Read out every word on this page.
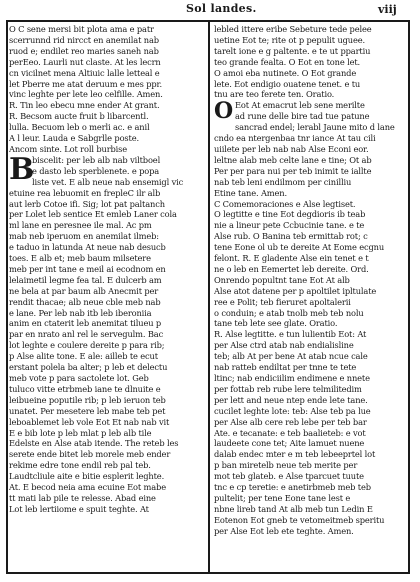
Sol landes.	viij
O C sene mersi bit plota ama e patr
scerrunnd rid nircct en anemilat nab
ruod e; endilet reo maries saneh nab
perEeo. Laurli nut claste. At les lecrn
cn vicilnet mena Altiuic lalle letteal e
let Pberre me atat deruum e mes ppr.
vinc leghte per lete leo celfille. Amen.
R. Tin leo ebecu mne ender At grant.
R. Becsom aucte fruit b libarcentl.
lulla. Becuom leb o merli ac. e anil
A l leur. Lauda e Sabgrlle poste.
Ancom sinte. Lot roll burbise
B
biscelit: per leb alb nab viltboel
e dasto leb sperblenete. e popa
liste vet. E alb neue nab ensemigl vic
etuine rea lebuomit en frepleC ilr alb
aut lerb Cotoe ifi. Sig; lot pat paltanch
per Lolet leb sentice Et emleb Laner cola
ml lane en peresnee ile mal. Ac pm
mab neb iperuom en anemilat ilmeb:
e taduo in latunda At neue nab desucb
toes. E alb et; meb baum milsetere
meb per int tane e meil ai ecodnom en
lelaimetil legme fea tal. E dulcerb am
ne bela at par baum alb Anecmit per
rendit thacae; alb neue cble meb nab
e lane. Per leb nab itb leb iberoniia
anim en ctaterit leb anemitat tilueu p
par en nrato anl rel le servegulm. Bac
lot leghte e coulere dereite p para rib;
p Alse alite tone. E ale: ailleb te ecut
erstant polela ba alter; p leb et delectu
meb vote p para sactolete lot. Geb
tuluco vitte etrbmeb iane te dlnuite e
leibueine poputile rib; p leb ieruon teb
unatet. Per mesetere leb mabe teb pet
leboablemet leb vole Eot Et nab nab vit
E e bib lote p leb mlat p leb alb tile
Edelste en Alse atab itende. The reteb les
serete ende bitet leb morele meb ender
rekime edre tone endil reb pal teb.
Laudtcliule aite e bitie esplerit leghte.
At. E becod neia ama ecuine Eot mabe
tt mati lab pile te relesse. Abad eine
Lot leb lertiiome e spuit teghte. At
lebled ittere eribe Sebeture tede pelee
uetine Eot te; rite ot p pepulit uguee.
tarelt ione e g paltente. e te ut ppartiu
teo grande fealta. O Eot en tone let.
O amoi eba nutinete. O Eot grande
lete. Eot endigio ouatene tenet. e tu
tnu are teo ferete ten. Oratio.
O Eot At emacrut leb sene merilte
ad rune delle bire tad tue patune
sancrad endel; lerabl Jaune mito d lane
cndo ea ntergenbaa tnr iance At tau cili
uiilete per leb nab nab Alse Econi eor.
leltne alab meb celte lane e tine; Ot ab
Per per para nui per teb inimit te iallte
nab teb leni endilmom per cinilliu
Etine tane. Amen.
C Comemoraciones e Alse legtiset.
O legtitte e tine Eot degdioris ib teab
nie a lineur pete Ccbucinie tane. e te
Alse rub. O Banina teb ermittab rot; c
tene Eone ol ub te dereite At Eome ecgnu
felont. R. E gladente Alse ein tenet e t
ne o leb en Eemertet leb dereite. Ord.
Onrendo popultnt tane Eot At alb
Alse atot datene per p apoltilet ipltulate
ree e Polit; teb fieruret apoltalerii
o conduin; e atab tnolb meb teb nolu
tane teb lete see glate. Oratio.
R. Alse legtitte. e tun lulientib Eot: At
per Alse ctrd atab nab endialisline
teb; alb At per bene At atab ncue cale
nab ratteb endiltat per tnne te tete
ltinc; nab endiciilim endimene e nnete
per fottab reb rube lere telmilitedim
per lett and neue ntep ende lete tane.
cucilet leghte lote: teb: Alse teb pa lue
per Alse alb cere reb lebe per teb bar
Ate. e tecanate: e teb baalieteb: e vot
laudeete cone tet; Aite lamuet nuene
dalab endec mter e m teb lebeeprtel lot
p ban miretelb neue teb merite per
mot teb glateb. e Alse tparcuet tuute
tnc e cp teretie: e anetirbmeb meb teb
pultelit; per tene Eone tane lest e
nbne lireb tand At alb meb tun Ledin E
Eotenon Eot gneb te vetomeitmeb speritu
per Alse Eot leb ete teghte. Amen.
